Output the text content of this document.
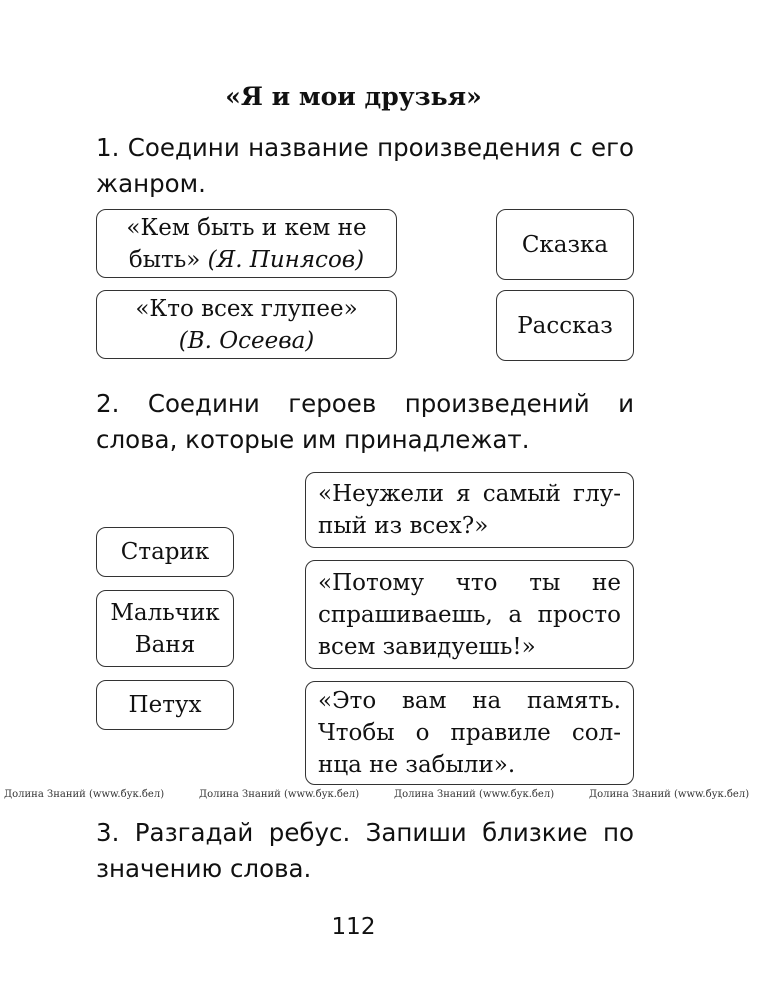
«Я и мои друзья»

1. Соедини название произведения с его жанром.

«Кем быть и кем не
быть» (Я. Пинясов)
«Кто всех глупее»
(В. Осеева)
Сказка
Рассказ

2. Соедини героев произведений и слова, которые им принадлежат.

Старик
Мальчик
Ваня
Петух
«Неужели я самый глу-
пый из всех?»
«Потому что ты не
спрашиваешь, а просто
всем завидуешь!»
«Это вам на память.
Чтобы о правиле сол-
нца не забыли».
Долина Знаний (www.бук.бел)	Долина Знаний (www.бук.бел)	Долина Знаний (www.бук.бел)	Долина Знаний (www.бук.бел)

3. Разгадай ребус. Запиши близкие по значению слова.

112
